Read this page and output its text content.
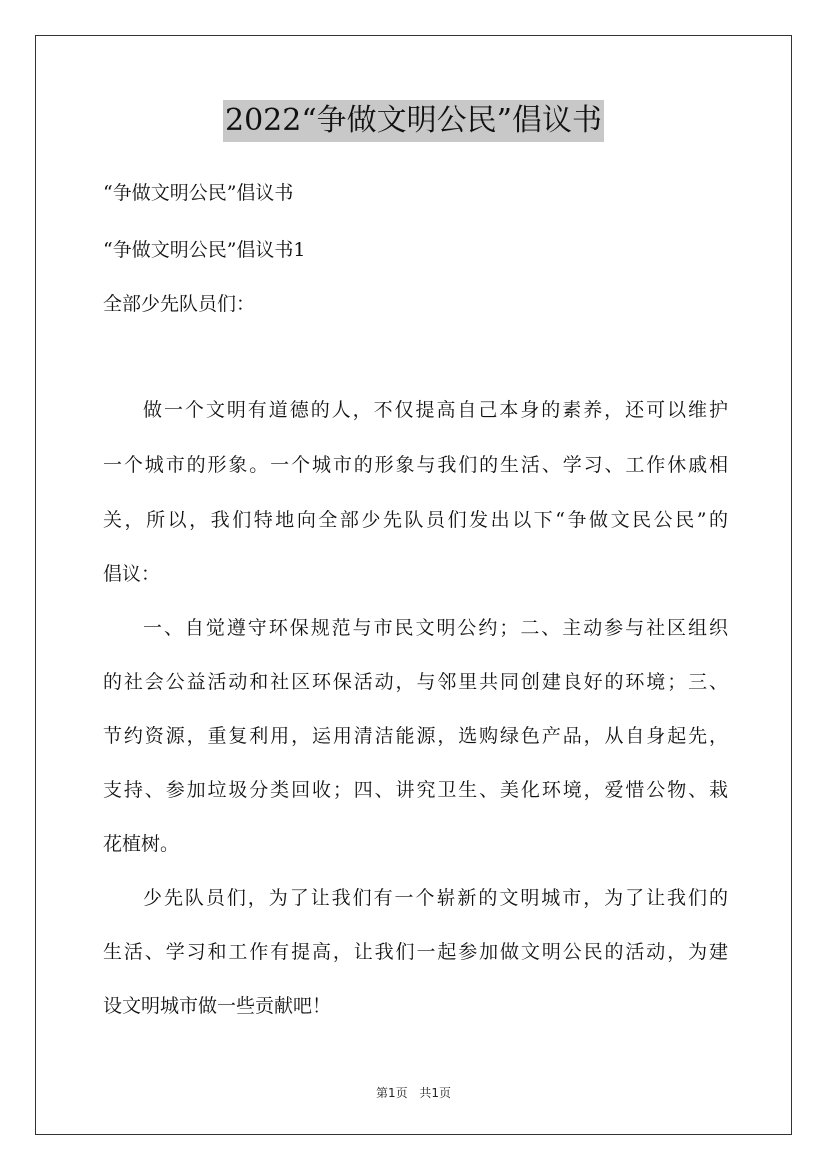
2022“争做文明公民”倡议书
“争做文明公民”倡议书
“争做文明公民”倡议书1
全部少先队员们：
做一个文明有道德的人，不仅提高自己本身的素养，还可以维护
一个城市的形象。一个城市的形象与我们的生活、学习、工作休戚相
关，所以，我们特地向全部少先队员们发出以下“争做文民公民”的
倡议：
一、自觉遵守环保规范与市民文明公约；二、主动参与社区组织
的社会公益活动和社区环保活动，与邻里共同创建良好的环境；三、
节约资源，重复利用，运用清洁能源，选购绿色产品，从自身起先，
支持、参加垃圾分类回收；四、讲究卫生、美化环境，爱惜公物、栽
花植树。
少先队员们，为了让我们有一个崭新的文明城市，为了让我们的
生活、学习和工作有提高，让我们一起参加做文明公民的活动，为建
设文明城市做一些贡献吧！
第1页 共1页
